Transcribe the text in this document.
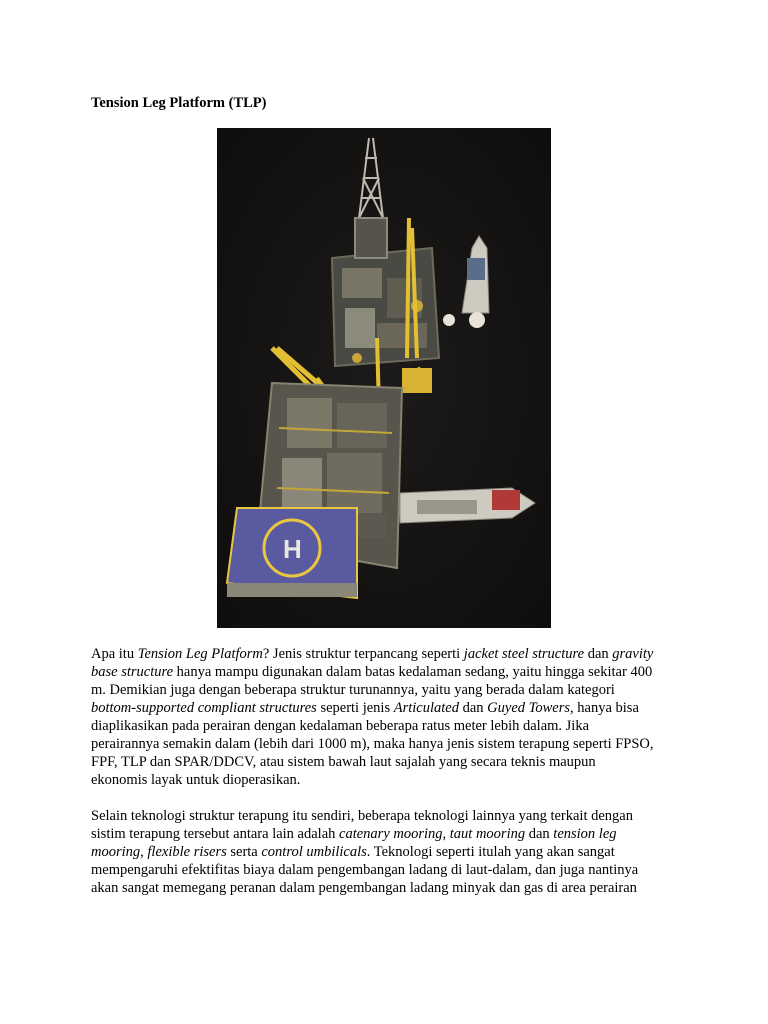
Tension Leg Platform (TLP)
H
Apa itu Tension Leg Platform? Jenis struktur terpancang seperti jacket steel structure dan gravity
base structure hanya mampu digunakan dalam batas kedalaman sedang, yaitu hingga sekitar 400
m. Demikian juga dengan beberapa struktur turunannya, yaitu yang berada dalam kategori
bottom-supported compliant structures seperti jenis Articulated dan Guyed Towers, hanya bisa
diaplikasikan pada perairan dengan kedalaman beberapa ratus meter lebih dalam. Jika
perairannya semakin dalam (lebih dari 1000 m), maka hanya jenis sistem terapung seperti FPSO,
FPF, TLP dan SPAR/DDCV, atau sistem bawah laut sajalah yang secara teknis maupun
ekonomis layak untuk dioperasikan.
Selain teknologi struktur terapung itu sendiri, beberapa teknologi lainnya yang terkait dengan
sistim terapung tersebut antara lain adalah catenary mooring, taut mooring dan tension leg
mooring, flexible risers serta control umbilicals. Teknologi seperti itulah yang akan sangat
mempengaruhi efektifitas biaya dalam pengembangan ladang di laut-dalam, dan juga nantinya
akan sangat memegang peranan dalam pengembangan ladang minyak dan gas di area perairan
